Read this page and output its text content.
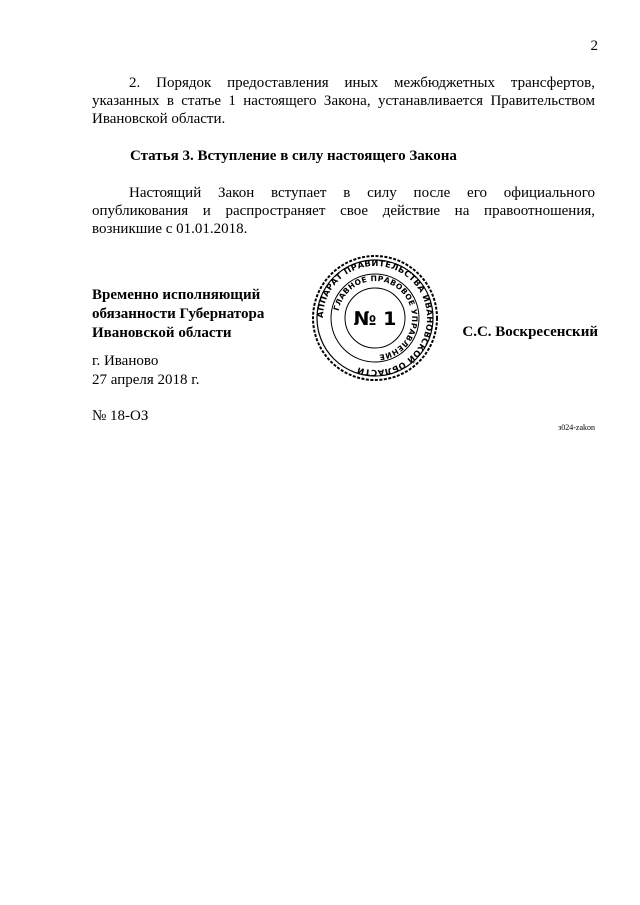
2

2. Порядок предоставления иных межбюджетных трансфертов, указанных в статье 1 настоящего Закона, устанавливается Правительством Ивановской области.

Статья 3. Вступление в силу настоящего Закона

Настоящий Закон вступает в силу после его официального опубликования и распространяет свое действие на правоотношения, возникшие с 01.01.2018.

Временно исполняющий
обязанности Губернатора
Ивановской области
АППАРАТ ПРАВИТЕЛЬСТВА ИВАНОВСКОЙ ОБЛАСТИ
ГЛАВНОЕ ПРАВОВОЕ УПРАВЛЕНИЕ
№ 1
С.С. Воскресенский
г. Иваново
27 апреля 2018 г.
№ 18-ОЗ
з024-zakon
